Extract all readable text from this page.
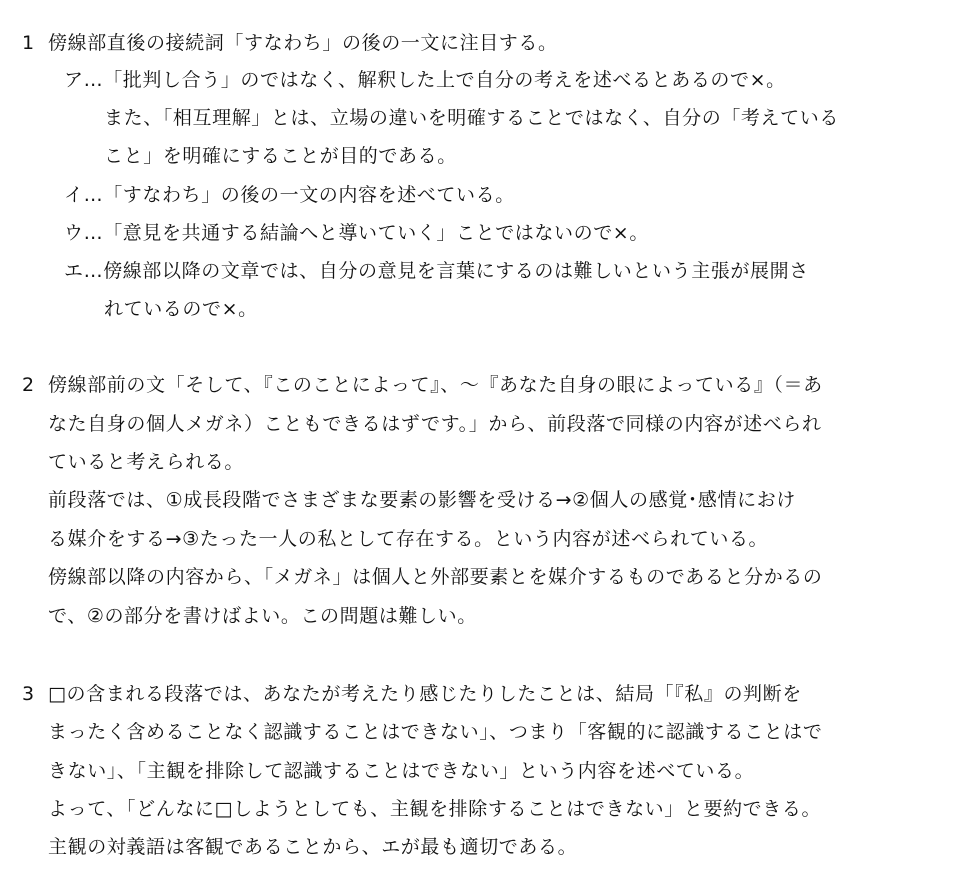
1 傍線部直後の接続詞「すなわち」の後の一文に注目する。
ア…「批判し合う」のではなく、解釈した上で自分の考えを述べるとあるので×。
また、「相互理解」とは、立場の違いを明確することではなく、自分の「考えている
こと」を明確にすることが目的である。
イ…「すなわち」の後の一文の内容を述べている。
ウ…「意見を共通する結論へと導いていく」ことではないので×。
エ…傍線部以降の文章では、自分の意見を言葉にするのは難しいという主張が展開さ
れているので×。
2 傍線部前の文「そして、『このことによって』、～『あなた自身の眼によっている』（＝あ
なた自身の個人メガネ）こともできるはずです。」から、前段落で同様の内容が述べられ
ていると考えられる。
前段落では、①成長段階でさまざまな要素の影響を受ける→②個人の感覚･感情におけ
る媒介をする→③たった一人の私として存在する。という内容が述べられている。
傍線部以降の内容から、「メガネ」は個人と外部要素とを媒介するものであると分かるの
で、②の部分を書けばよい。この問題は難しい。
3 □の含まれる段落では、あなたが考えたり感じたりしたことは、結局「『私』の判断を
まったく含めることなく認識することはできない」、つまり「客観的に認識することはで
きない」、「主観を排除して認識することはできない」という内容を述べている。
よって、「どんなに□しようとしても、主観を排除することはできない」と要約できる。
主観の対義語は客観であることから、エが最も適切である。
